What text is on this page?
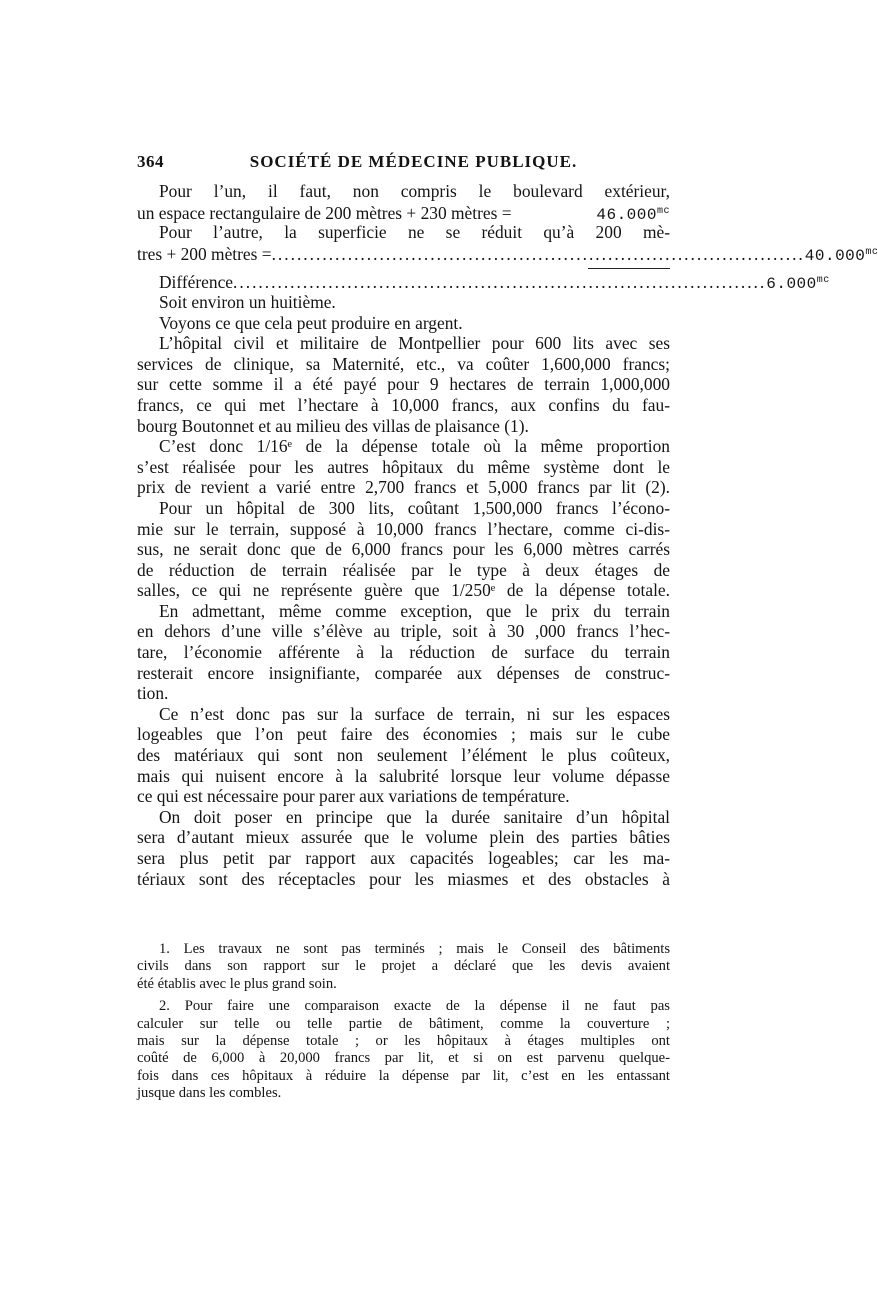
364	SOCIÉTÉ DE MÉDECINE PUBLIQUE.
Pour l’un, il faut, non compris le boulevard extérieur,
un espace rectangulaire de 200 mètres + 230 mètres =	$46.000^{mc}$
Pour l’autre, la superficie ne se réduit qu’à 200 mè-
tres + 200 mètres = .................................................................................... $40.000^{mc}$
Différence .................................................................................... $6.000^{mc}$
Soit environ un huitième.
Voyons ce que cela peut produire en argent.
L’hôpital civil et militaire de Montpellier pour 600 lits avec ses
services de clinique, sa Maternité, etc., va coûter 1,600,000 francs;
sur cette somme il a été payé pour 9 hectares de terrain 1,000,000
francs, ce qui met l’hectare à 10,000 francs, aux confins du fau-
bourg Boutonnet et au milieu des villas de plaisance (1).
C’est donc 1/16ᵉ de la dépense totale où la même proportion
s’est réalisée pour les autres hôpitaux du même système dont le
prix de revient a varié entre 2,700 francs et 5,000 francs par lit (2).
Pour un hôpital de 300 lits, coûtant 1,500,000 francs l’écono-
mie sur le terrain, supposé à 10,000 francs l’hectare, comme ci-dis-
sus, ne serait donc que de 6,000 francs pour les 6,000 mètres carrés
de réduction de terrain réalisée par le type à deux étages de
salles, ce qui ne représente guère que 1/250ᵉ de la dépense totale.
En admettant, même comme exception, que le prix du terrain
en dehors d’une ville s’élève au triple, soit à 30 ,000 francs l’hec-
tare, l’économie afférente à la réduction de surface du terrain
resterait encore insignifiante, comparée aux dépenses de construc-
tion.
Ce n’est donc pas sur la surface de terrain, ni sur les espaces
logeables que l’on peut faire des économies ; mais sur le cube
des matériaux qui sont non seulement l’élément le plus coûteux,
mais qui nuisent encore à la salubrité lorsque leur volume dépasse
ce qui est nécessaire pour parer aux variations de température.
On doit poser en principe que la durée sanitaire d’un hôpital
sera d’autant mieux assurée que le volume plein des parties bâties
sera plus petit par rapport aux capacités logeables; car les ma-
tériaux sont des réceptacles pour les miasmes et des obstacles à
1. Les travaux ne sont pas terminés ; mais le Conseil des bâtiments
civils dans son rapport sur le projet a déclaré que les devis avaient
été établis avec le plus grand soin.
2. Pour faire une comparaison exacte de la dépense il ne faut pas
calculer sur telle ou telle partie de bâtiment, comme la couverture ;
mais sur la dépense totale ; or les hôpitaux à étages multiples ont
coûté de 6,000 à 20,000 francs par lit, et si on est parvenu quelque-
fois dans ces hôpitaux à réduire la dépense par lit, c’est en les entassant
jusque dans les combles.
